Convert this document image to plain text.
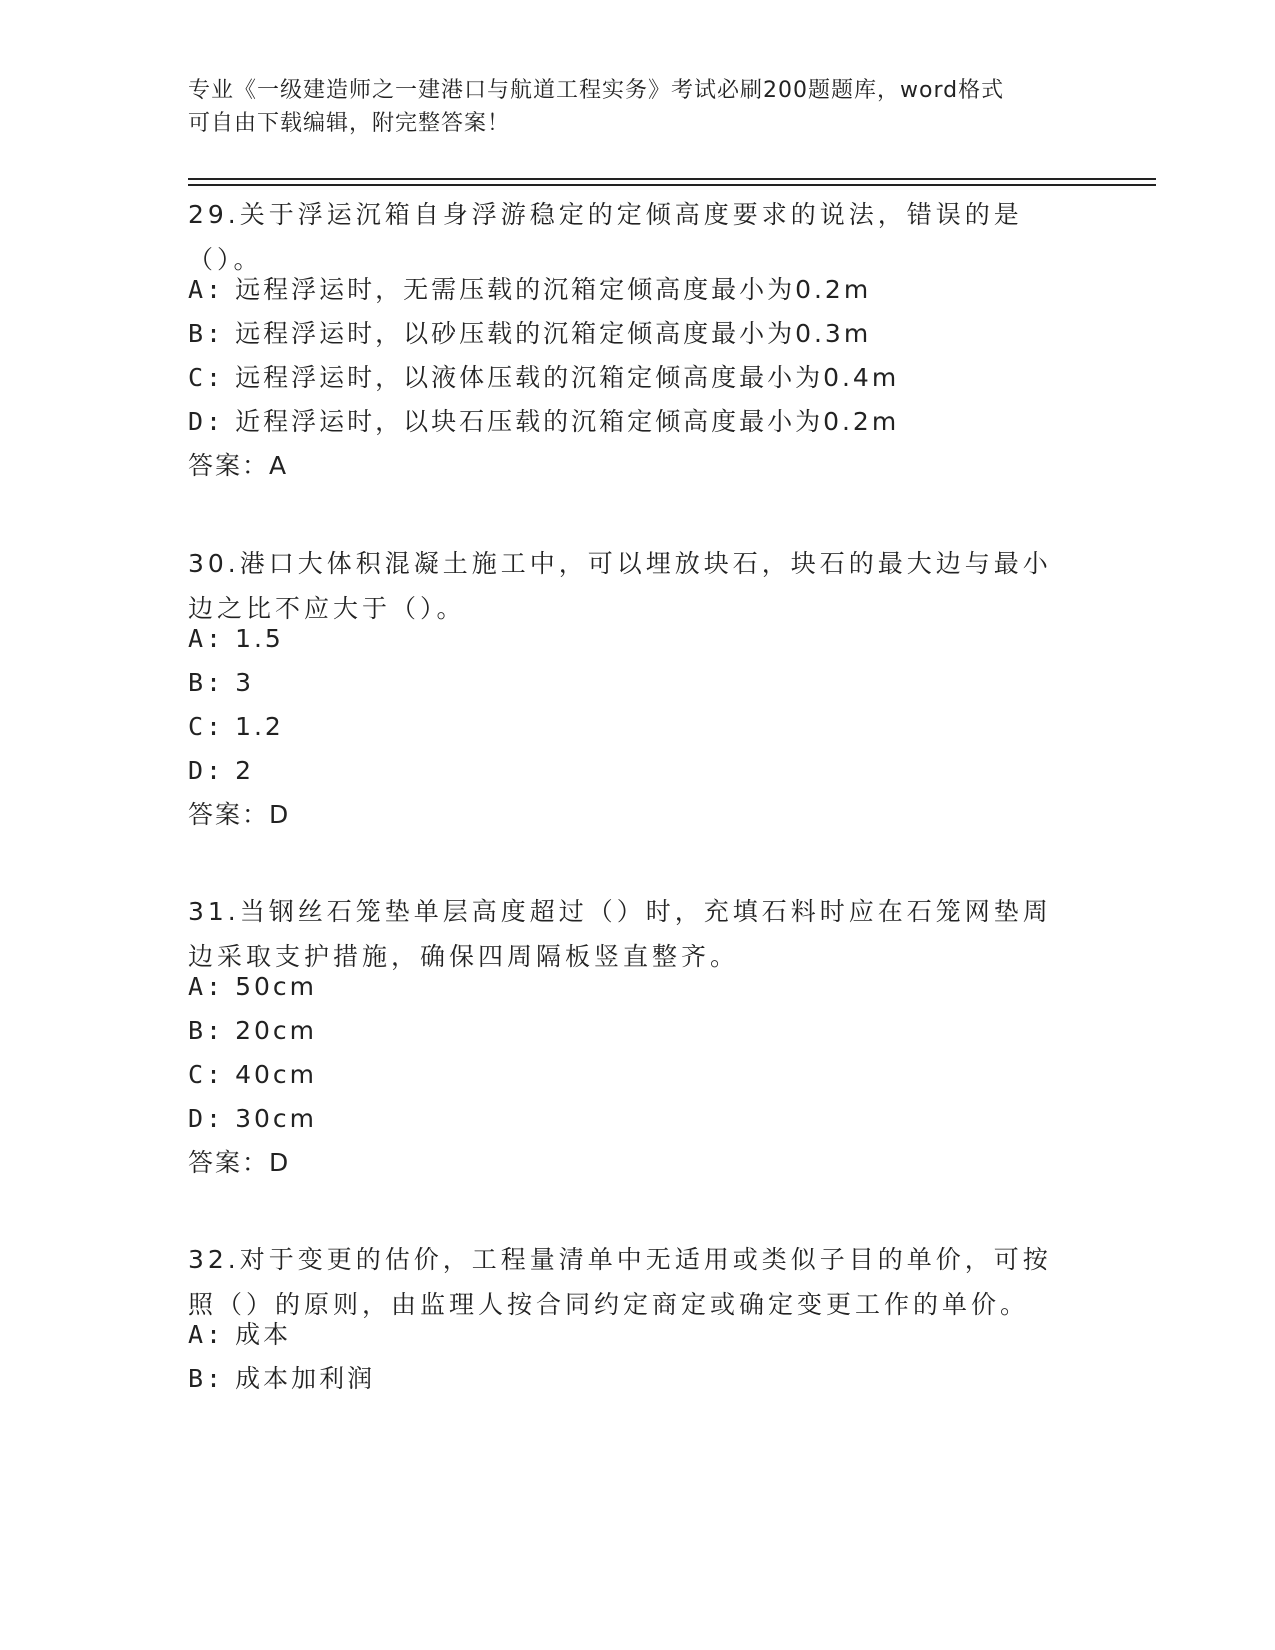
专业《一级建造师之一建港口与航道工程实务》考试必刷200题题库，word格式
可自由下载编辑，附完整答案！
29.关于浮运沉箱自身浮游稳定的定倾高度要求的说法，错误的是（）。
A: 远程浮运时，无需压载的沉箱定倾高度最小为0.2m
B: 远程浮运时，以砂压载的沉箱定倾高度最小为0.3m
C: 远程浮运时，以液体压载的沉箱定倾高度最小为0.4m
D: 近程浮运时，以块石压载的沉箱定倾高度最小为0.2m
答案：A
30.港口大体积混凝土施工中，可以埋放块石，块石的最大边与最小边之比不应大于（）。
A: 1.5
B: 3
C: 1.2
D: 2
答案：D
31.当钢丝石笼垫单层高度超过（）时，充填石料时应在石笼网垫周边采取支护措施，确保四周隔板竖直整齐。
A: 50cm
B: 20cm
C: 40cm
D: 30cm
答案：D
32.对于变更的估价，工程量清单中无适用或类似子目的单价，可按照（）的原则，由监理人按合同约定商定或确定变更工作的单价。
A: 成本
B: 成本加利润
